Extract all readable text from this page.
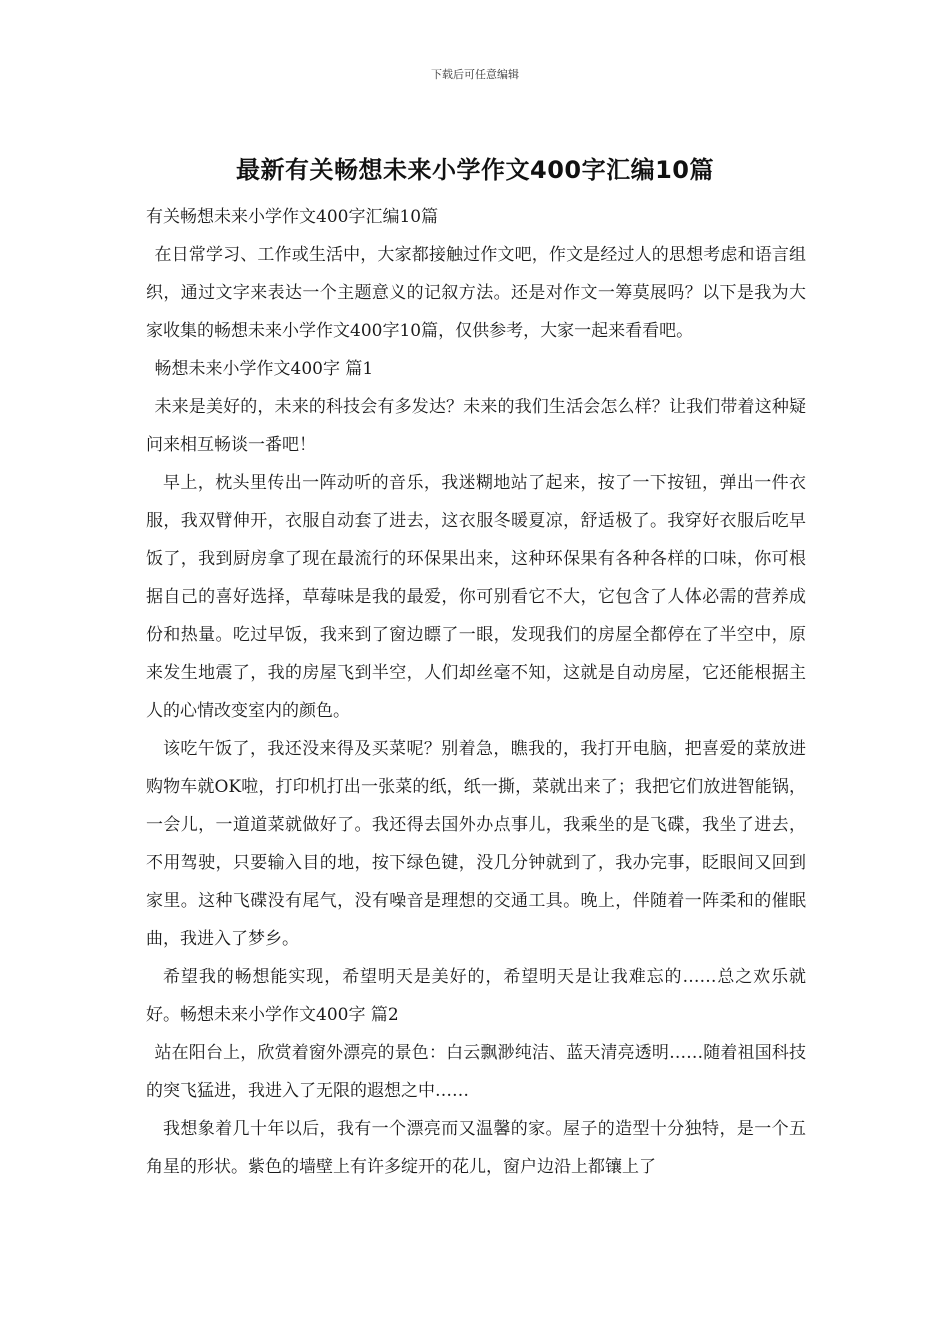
下载后可任意编辑
最新有关畅想未来小学作文400字汇编10篇

有关畅想未来小学作文400字汇编10篇

在日常学习、工作或生活中，大家都接触过作文吧，作文是经过人的思想考虑和语言组织，通过文字来表达一个主题意义的记叙方法。还是对作文一筹莫展吗？以下是我为大家收集的畅想未来小学作文400字10篇，仅供参考，大家一起来看看吧。

畅想未来小学作文400字 篇1

未来是美好的，未来的科技会有多发达？未来的我们生活会怎么样？让我们带着这种疑问来相互畅谈一番吧！

早上，枕头里传出一阵动听的音乐，我迷糊地站了起来，按了一下按钮，弹出一件衣服，我双臂伸开，衣服自动套了进去，这衣服冬暖夏凉，舒适极了。我穿好衣服后吃早饭了，我到厨房拿了现在最流行的环保果出来，这种环保果有各种各样的口味，你可根据自己的喜好选择，草莓味是我的最爱，你可别看它不大，它包含了人体必需的营养成份和热量。吃过早饭，我来到了窗边瞟了一眼，发现我们的房屋全都停在了半空中，原来发生地震了，我的房屋飞到半空，人们却丝毫不知，这就是自动房屋，它还能根据主人的心情改变室内的颜色。

该吃午饭了，我还没来得及买菜呢？别着急，瞧我的，我打开电脑，把喜爱的菜放进购物车就OK啦，打印机打出一张菜的纸，纸一撕，菜就出来了；我把它们放进智能锅，一会儿，一道道菜就做好了。我还得去国外办点事儿，我乘坐的是飞碟，我坐了进去，不用驾驶，只要输入目的地，按下绿色键，没几分钟就到了，我办完事，眨眼间又回到家里。这种飞碟没有尾气，没有噪音是理想的交通工具。晚上，伴随着一阵柔和的催眠曲，我进入了梦乡。

希望我的畅想能实现，希望明天是美好的，希望明天是让我难忘的……总之欢乐就好。畅想未来小学作文400字 篇2

站在阳台上，欣赏着窗外漂亮的景色：白云飘渺纯洁、蓝天清亮透明……随着祖国科技的突飞猛进，我进入了无限的遐想之中……

我想象着几十年以后，我有一个漂亮而又温馨的家。屋子的造型十分独特，是一个五角星的形状。紫色的墙壁上有许多绽开的花儿，窗户边沿上都镶上了
